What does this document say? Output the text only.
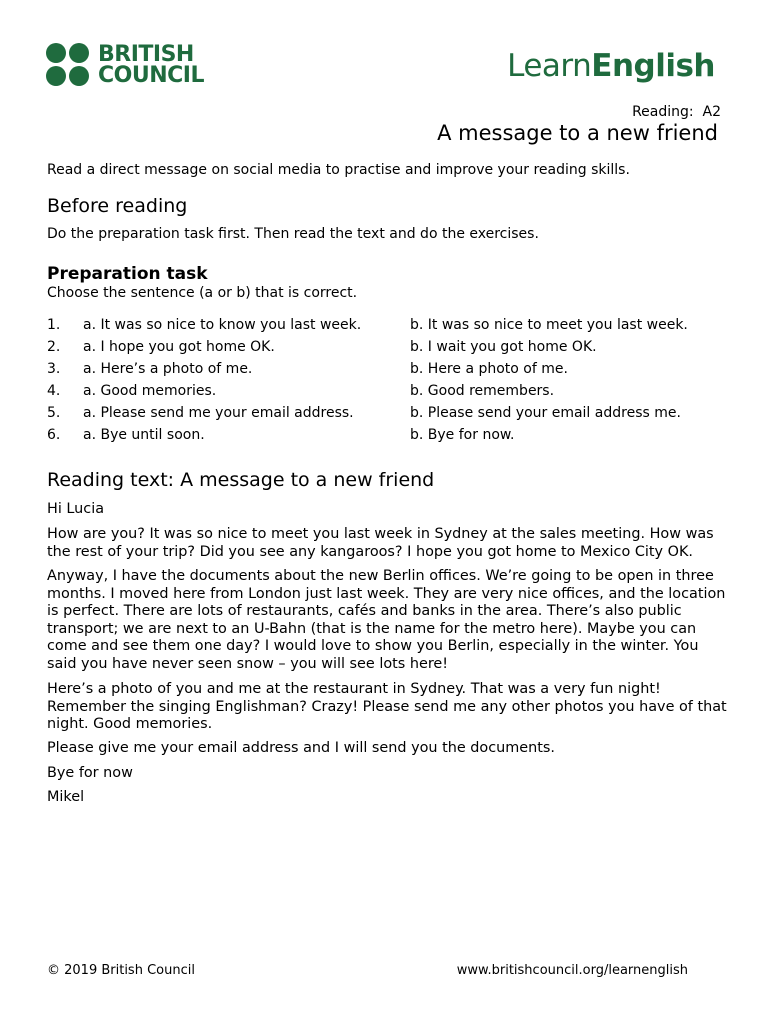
BRITISH
COUNCIL	LearnEnglish
Reading:  A2
A message to a new friend
Read a direct message on social media to practise and improve your reading skills.
Before reading
Do the preparation task first. Then read the text and do the exercises.
Preparation task
Choose the sentence (a or b) that is correct.
1.	a. It was so nice to know you last week.	b. It was so nice to meet you last week.
2.	a. I hope you got home OK.	b. I wait you got home OK.
3.	a. Here’s a photo of me.	b. Here a photo of me.
4.	a. Good memories.	b. Good remembers.
5.	a. Please send me your email address.	b. Please send your email address me.
6.	a. Bye until soon.	b. Bye for now.
Reading text: A message to a new friend
Hi Lucia
How are you? It was so nice to meet you last week in Sydney at the sales meeting. How was the rest of your trip? Did you see any kangaroos? I hope you got home to Mexico City OK.
Anyway, I have the documents about the new Berlin offices. We’re going to be open in three months. I moved here from London just last week. They are very nice offices, and the location is perfect. There are lots of restaurants, cafés and banks in the area. There’s also public transport; we are next to an U-Bahn (that is the name for the metro here). Maybe you can come and see them one day? I would love to show you Berlin, especially in the winter. You said you have never seen snow – you will see lots here!
Here’s a photo of you and me at the restaurant in Sydney. That was a very fun night! Remember the singing Englishman? Crazy! Please send me any other photos you have of that night. Good memories.
Please give me your email address and I will send you the documents.
Bye for now
Mikel
© 2019 British Council	www.britishcouncil.org/learnenglish
